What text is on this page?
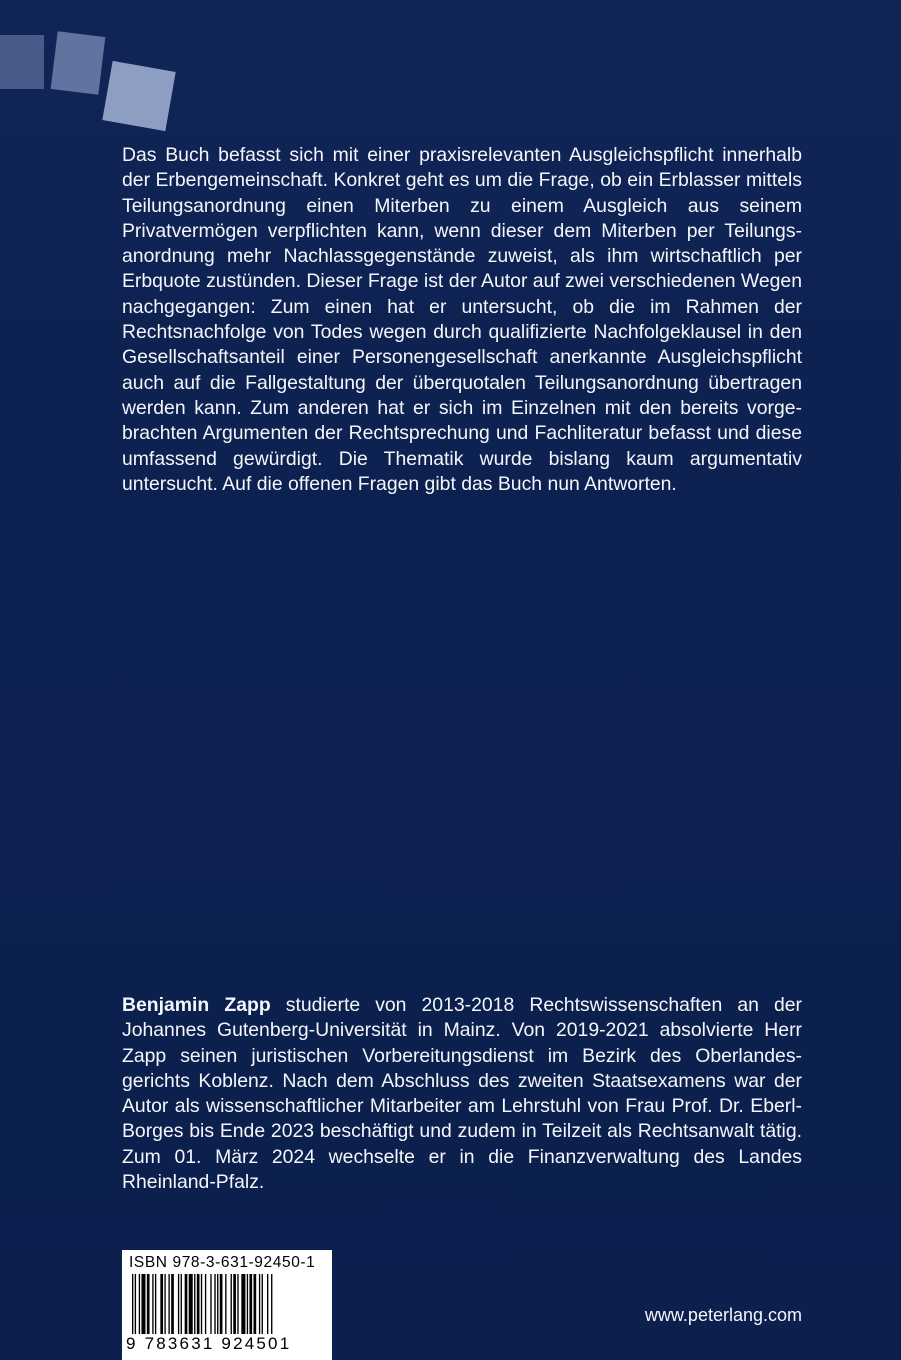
Das Buch befasst sich mit einer praxisrelevanten Ausgleichspflicht innerhalb der Erbengemeinschaft. Konkret geht es um die Frage, ob ein Erblasser mittels Teilungsanordnung einen Miterben zu einem Ausgleich aus seinem Privatvermögen verpflichten kann, wenn dieser dem Miterben per Teilungsanordnung mehr Nachlassgegenstände zuweist, als ihm wirtschaftlich per Erbquote zustünden. Dieser Frage ist der Autor auf zwei verschiedenen Wegen nachgegangen: Zum einen hat er untersucht, ob die im Rahmen der Rechtsnachfolge von Todes wegen durch qualifizierte Nachfolgeklausel in den Gesellschaftsanteil einer Personengesellschaft anerkannte Ausgleichspflicht auch auf die Fallgestaltung der überquotalen Teilungsanordnung übertragen werden kann. Zum anderen hat er sich im Einzelnen mit den bereits vorgebrachten Argumenten der Rechtsprechung und Fachliteratur befasst und diese umfassend gewürdigt. Die Thematik wurde bislang kaum argumentativ untersucht. Auf die offenen Fragen gibt das Buch nun Antworten.

Benjamin Zapp studierte von 2013-2018 Rechtswissenschaften an der Johannes Gutenberg-Universität in Mainz. Von 2019-2021 absolvierte Herr Zapp seinen juristischen Vorbereitungsdienst im Bezirk des Oberlandesgerichts Koblenz. Nach dem Abschluss des zweiten Staatsexamens war der Autor als wissenschaftlicher Mitarbeiter am Lehrstuhl von Frau Prof. Dr. Eberl-Borges bis Ende 2023 beschäftigt und zudem in Teilzeit als Rechtsanwalt tätig. Zum 01. März 2024 wechselte er in die Finanzverwaltung des Landes Rheinland-Pfalz.

ISBN 978-3-631-92450-1
9 783631 924501
www.peterlang.com
